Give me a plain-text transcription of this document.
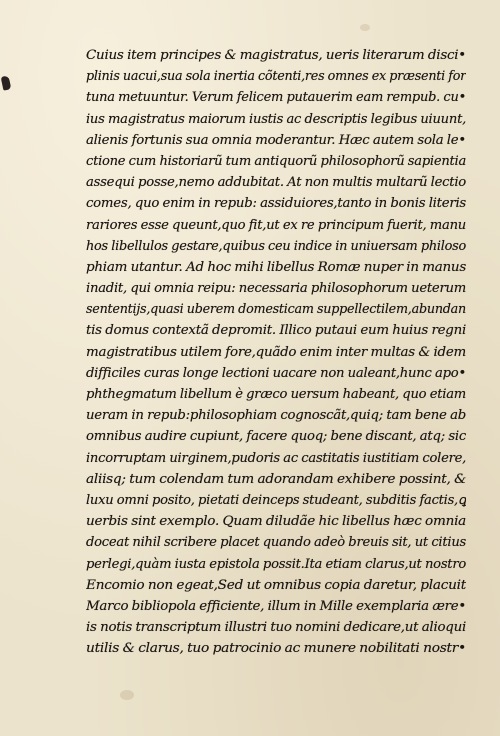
Cuius item principes & magistratus, ueris literarum disci•
plinis uacui,sua sola inertia cõtenti,res omnes ex præsenti for
tuna metuuntur. Verum felicem putauerim eam rempub. cu•
ius magistratus maiorum iustis ac descriptis legibus uiuunt,
alienis fortunis sua omnia moderantur. Hæc autem sola le•
ctione cum historiarũ tum antiquorũ philosophorũ sapientia
assequi posse,nemo addubitat. At non multis multarũ lectio
comes, quo enim in repub: assiduiores,tanto in bonis literis
rariores esse queunt,quo fit,ut ex re principum fuerit, manu
hos libellulos gestare,quibus ceu indice in uniuersam philoso
phiam utantur. Ad hoc mihi libellus Romæ nuper in manus
inadit, qui omnia reipu: necessaria philosophorum ueterum
sententijs,quasi uberem domesticam suppellectilem,abundan
tis domus contextã depromit. Illico putaui eum huius regni
magistratibus utilem fore,quãdo enim inter multas & idem
difficiles curas longe lectioni uacare non ualeant,hunc apo•
phthegmatum libellum è græco uersum habeant, quo etiam
ueram in repub:philosophiam cognoscãt,quiq; tam bene ab
omnibus audire cupiunt, facere quoq; bene discant, atq; sic
incorruptam uirginem,pudoris ac castitatis iustitiam colere,
aliisq; tum colendam tum adorandam exhibere possint, &
luxu omni posito, pietati deinceps studeant, subditis factis,ꝗ
uerbis sint exemplo. Quam diludãe hic libellus hæc omnia
doceat nihil scribere placet quando adeò breuis sit, ut citius
perlegi,quàm iusta epistola possit.Ita etiam clarus,ut nostro
Encomio non egeat,Sed ut omnibus copia daretur, placuit
Marco bibliopola efficiente, illum in Mille exemplaria ære•
is notis transcriptum illustri tuo nomini dedicare,ut alioqui
utilis & clarus, tuo patrocinio ac munere nobilitati nostr•
